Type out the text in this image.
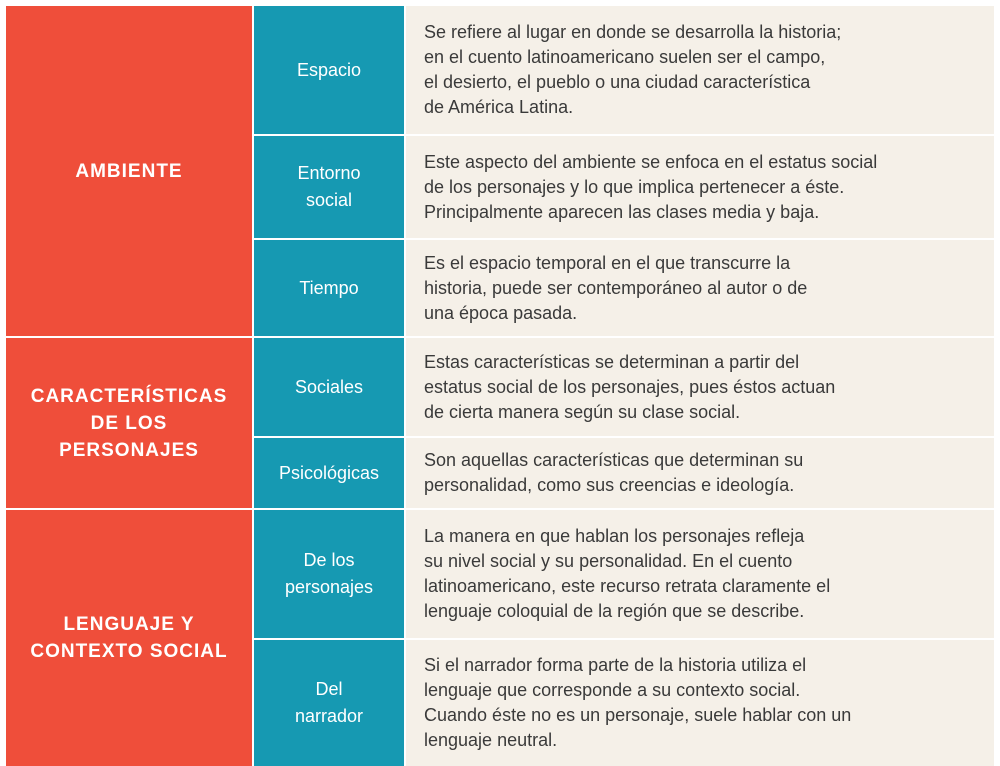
AMBIENTE
Espacio
Se refiere al lugar en donde se desarrolla la historia;
en el cuento latinoamericano suelen ser el campo,
el desierto, el pueblo o una ciudad característica
de América Latina.
Entorno
social
Este aspecto del ambiente se enfoca en el estatus social
de los personajes y lo que implica pertenecer a éste.
Principalmente aparecen las clases media y baja.
Tiempo
Es el espacio temporal en el que transcurre la
historia, puede ser contemporáneo al autor o de
una época pasada.
CARACTERÍSTICAS
DE LOS
PERSONAJES
Sociales
Estas características se determinan a partir del
estatus social de los personajes, pues éstos actuan
de cierta manera según su clase social.
Psicológicas
Son aquellas características que determinan su
personalidad, como sus creencias e ideología.
LENGUAJE Y
CONTEXTO SOCIAL
De los
personajes
La manera en que hablan los personajes refleja
su nivel social y su personalidad. En el cuento
latinoamericano, este recurso retrata claramente el
lenguaje coloquial de la región que se describe.
Del
narrador
Si el narrador forma parte de la historia utiliza el
lenguaje que corresponde a su contexto social.
Cuando éste no es un personaje, suele hablar con un
lenguaje neutral.
